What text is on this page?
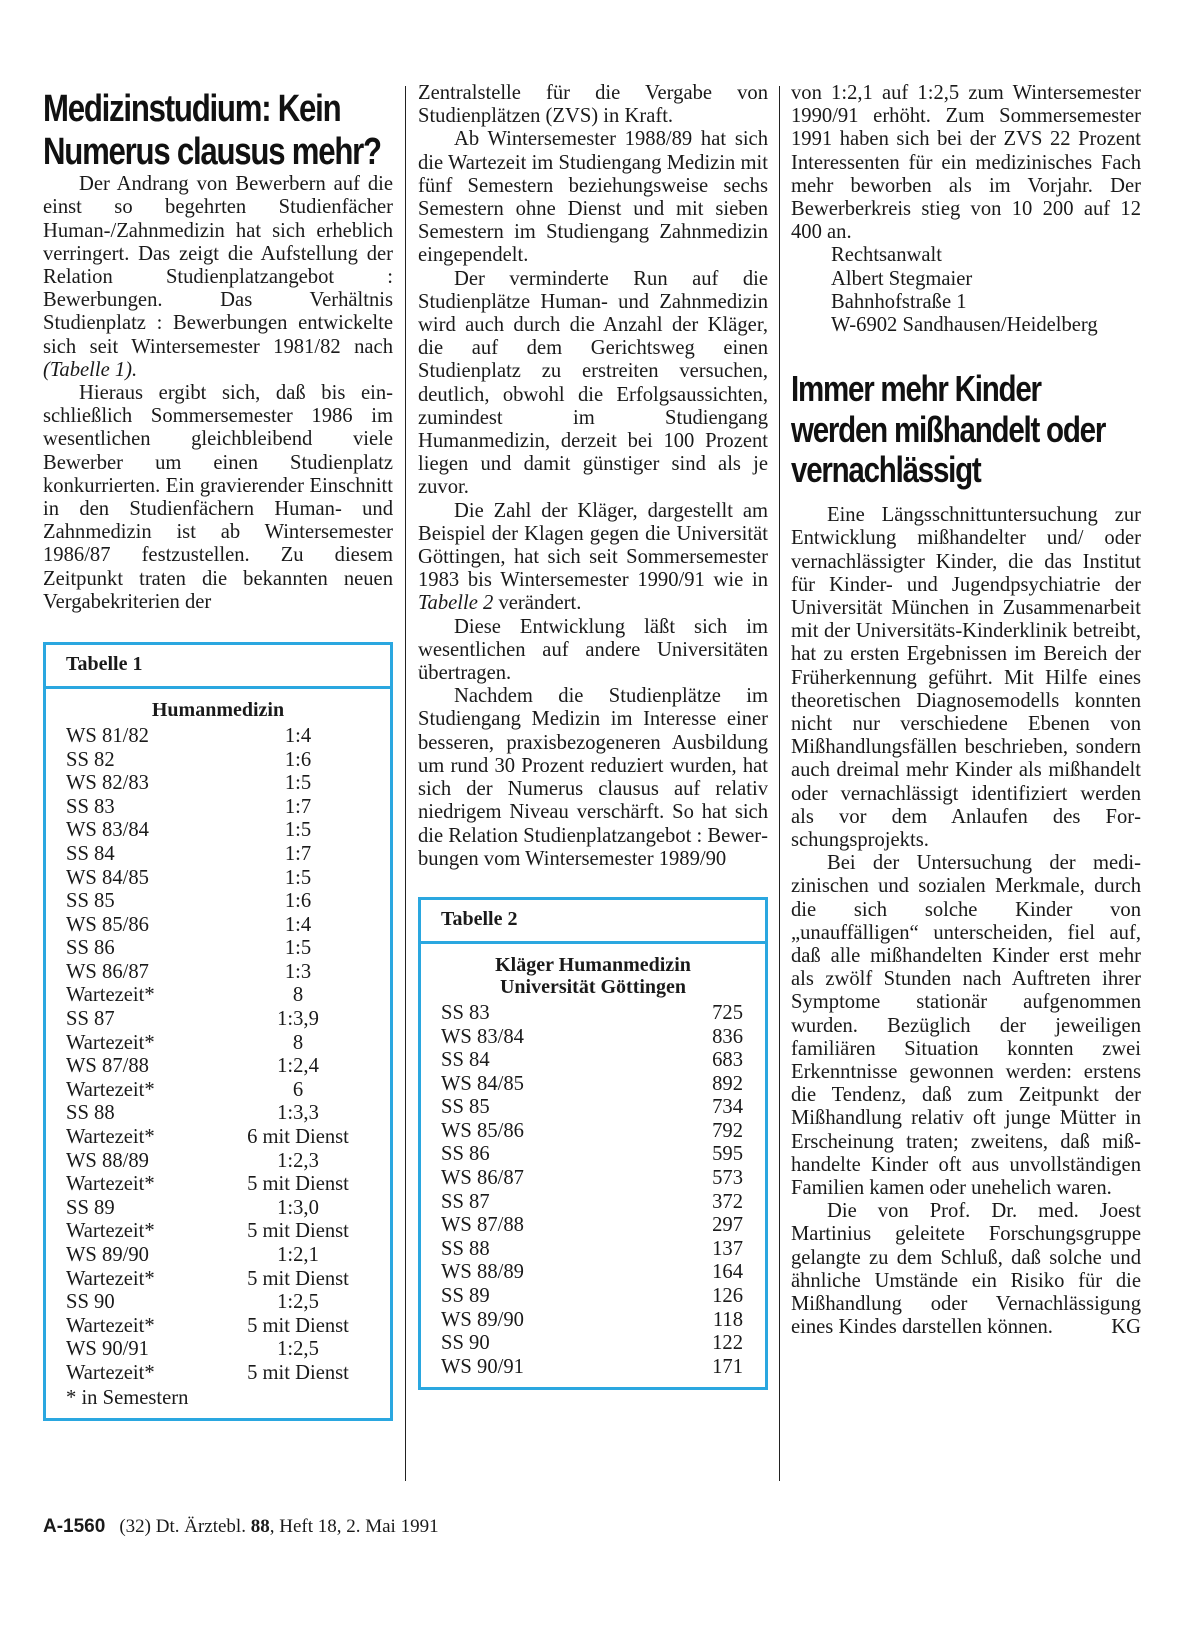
Medizinstudium: Kein Numerus clausus mehr?

Der Andrang von Bewerbern auf die einst so begehrten Studienfächer Human-/Zahnmedizin hat sich erheblich verringert. Das zeigt die Aufstellung der Relation Studienplatzangebot : Bewerbungen. Das Verhältnis Studienplatz : Bewerbungen entwickelte sich seit Wintersemester 1981/82 nach (Tabelle 1).

Hieraus ergibt sich, daß bis einschließlich Sommersemester 1986 im wesentlichen gleichbleibend viele Bewerber um einen Studienplatz konkurrierten. Ein gravierender Einschnitt in den Studienfächern Human- und Zahnmedizin ist ab Wintersemester 1986/87 festzustellen. Zu diesem Zeitpunkt traten die bekannten neuen Vergabekriterien der

Tabelle 1
Humanmedizin
WS 81/82	1:4
SS 82	1:6
WS 82/83	1:5
SS 83	1:7
WS 83/84	1:5
SS 84	1:7
WS 84/85	1:5
SS 85	1:6
WS 85/86	1:4
SS 86	1:5
WS 86/87	1:3
Wartezeit*	8
SS 87	1:3,9
Wartezeit*	8
WS 87/88	1:2,4
Wartezeit*	6
SS 88	1:3,3
Wartezeit*	6 mit Dienst
WS 88/89	1:2,3
Wartezeit*	5 mit Dienst
SS 89	1:3,0
Wartezeit*	5 mit Dienst
WS 89/90	1:2,1
Wartezeit*	5 mit Dienst
SS 90	1:2,5
Wartezeit*	5 mit Dienst
WS 90/91	1:2,5
Wartezeit*	5 mit Dienst
* in Semestern

Zentralstelle für die Vergabe von Studienplätzen (ZVS) in Kraft.

Ab Wintersemester 1988/89 hat sich die Wartezeit im Studiengang Medizin mit fünf Semestern beziehungsweise sechs Semestern ohne Dienst und mit sieben Semestern im Studiengang Zahnmedizin eingependelt.

Der verminderte Run auf die Studienplätze Human- und Zahnmedizin wird auch durch die Anzahl der Kläger, die auf dem Gerichtsweg einen Studienplatz zu erstreiten versuchen, deutlich, obwohl die Erfolgsaussichten, zumindest im Studiengang Humanmedizin, derzeit bei 100 Prozent liegen und damit günstiger sind als je zuvor.

Die Zahl der Kläger, dargestellt am Beispiel der Klagen gegen die Universität Göttingen, hat sich seit Sommersemester 1983 bis Wintersemester 1990/91 wie in Tabelle 2 verändert.

Diese Entwicklung läßt sich im wesentlichen auf andere Universitäten übertragen.

Nachdem die Studienplätze im Studiengang Medizin im Interesse einer besseren, praxisbezogeneren Ausbildung um rund 30 Prozent reduziert wurden, hat sich der Numerus clausus auf relativ niedrigem Niveau verschärft. So hat sich die Relation Studienplatzangebot : Bewerbungen vom Wintersemester 1989/90

Tabelle 2
Kläger Humanmedizin
Universität Göttingen
SS 83	725
WS 83/84	836
SS 84	683
WS 84/85	892
SS 85	734
WS 85/86	792
SS 86	595
WS 86/87	573
SS 87	372
WS 87/88	297
SS 88	137
WS 88/89	164
SS 89	126
WS 89/90	118
SS 90	122
WS 90/91	171

von 1:2,1 auf 1:2,5 zum Wintersemester 1990/91 erhöht. Zum Sommersemester 1991 haben sich bei der ZVS 22 Prozent Interessenten für ein medizinisches Fach mehr beworben als im Vorjahr. Der Bewerberkreis stieg von 10 200 auf 12 400 an.

Rechtsanwalt
Albert Stegmaier
Bahnhofstraße 1
W-6902 Sandhausen/Heidelberg
Immer mehr Kinder werden mißhandelt oder vernachlässigt

Eine Längsschnittuntersuchung zur Entwicklung mißhandelter und/ oder vernachlässigter Kinder, die das Institut für Kinder- und Jugendpsychiatrie der Universität München in Zusammenarbeit mit der Universitäts-Kinderklinik betreibt, hat zu ersten Ergebnissen im Bereich der Früherkennung geführt. Mit Hilfe eines theoretischen Diagnosemodells konnten nicht nur verschiedene Ebenen von Mißhandlungsfällen beschrieben, sondern auch dreimal mehr Kinder als mißhandelt oder vernachlässigt identifiziert werden als vor dem Anlaufen des Forschungsprojekts.

Bei der Untersuchung der medizinischen und sozialen Merkmale, durch die sich solche Kinder von „unauffälligen“ unterscheiden, fiel auf, daß alle mißhandelten Kinder erst mehr als zwölf Stunden nach Auftreten ihrer Symptome stationär aufgenommen wurden. Bezüglich der jeweiligen familiären Situation konnten zwei Erkenntnisse gewonnen werden: erstens die Tendenz, daß zum Zeitpunkt der Mißhandlung relativ oft junge Mütter in Erscheinung traten; zweitens, daß mißhandelte Kinder oft aus unvollständigen Familien kamen oder unehelich waren.

Die von Prof. Dr. med. Joest Martinius geleitete Forschungsgruppe gelangte zu dem Schluß, daß solche und ähnliche Umstände ein Risiko für die Mißhandlung oder Vernachlässigung eines Kindes darstellen können.	KG

A-1560 (32) Dt. Ärztebl. 88, Heft 18, 2. Mai 1991
